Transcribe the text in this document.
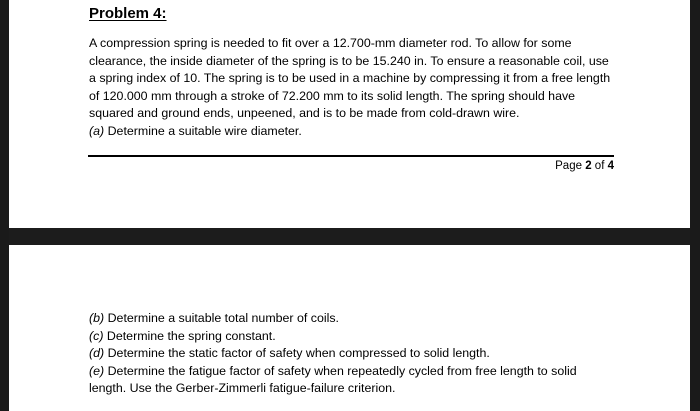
Problem 4:

A compression spring is needed to fit over a 12.700-mm diameter rod. To allow for some clearance, the inside diameter of the spring is to be 15.240 in. To ensure a reasonable coil, use a spring index of 10. The spring is to be used in a machine by compressing it from a free length of 120.000 mm through a stroke of 72.200 mm to its solid length. The spring should have squared and ground ends, unpeened, and is to be made from cold-drawn wire.

(a) Determine a suitable wire diameter.

Page 2 of 4

(b) Determine a suitable total number of coils.

(c) Determine the spring constant.

(d) Determine the static factor of safety when compressed to solid length.

(e) Determine the fatigue factor of safety when repeatedly cycled from free length to solid length. Use the Gerber-Zimmerli fatigue-failure criterion.
